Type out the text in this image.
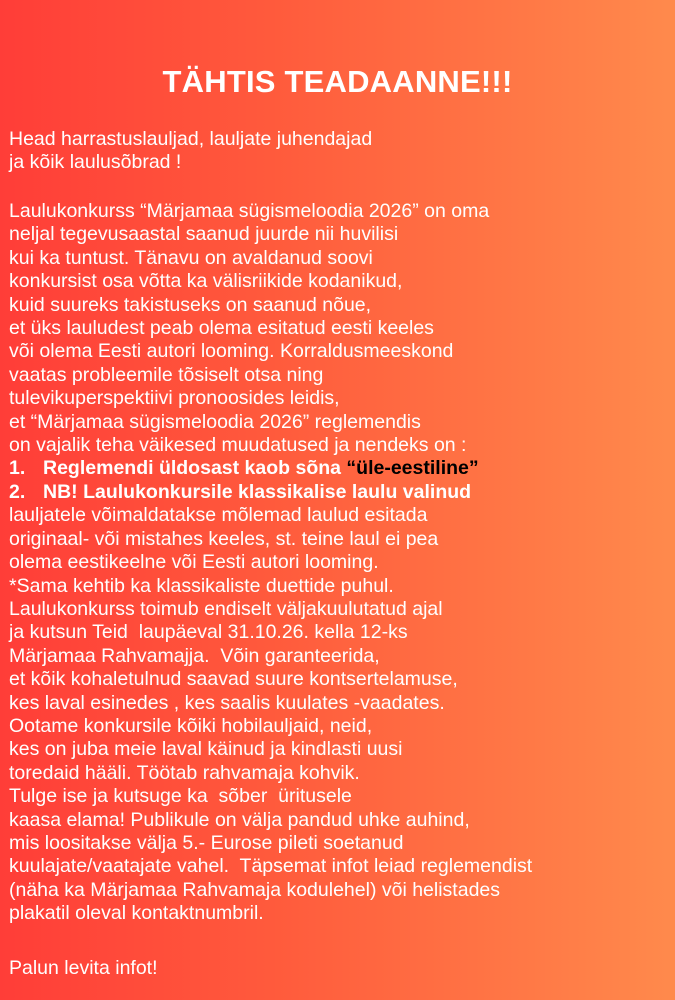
TÄHTIS TEADAANNE!!!
Head harrastuslauljad, lauljate juhendajad
ja kõik laulusõbrad !
Laulukonkurss “Märjamaa sügismeloodia 2026” on oma
neljal tegevusaastal saanud juurde nii huvilisi
kui ka tuntust. Tänavu on avaldanud soovi
konkursist osa võtta ka välisriikide kodanikud,
kuid suureks takistuseks on saanud nõue,
et üks lauludest peab olema esitatud eesti keeles
või olema Eesti autori looming. Korraldusmeeskond
vaatas probleemile tõsiselt otsa ning
tulevikuperspektiivi pronoosides leidis,
et “Märjamaa sügismeloodia 2026” reglemendis
on vajalik teha väikesed muudatused ja nendeks on :
1. Reglemendi üldosast kaob sõna “üle-eestiline”
2. NB! Laulukonkursile klassikalise laulu valinud
lauljatele võimaldatakse mõlemad laulud esitada
originaal- või mistahes keeles, st. teine laul ei pea
olema eestikeelne või Eesti autori looming.
*Sama kehtib ka klassikaliste duettide puhul.
Laulukonkurss toimub endiselt väljakuulutatud ajal
ja kutsun Teid  laupäeval 31.10.26. kella 12-ks
Märjamaa Rahvamajja.  Võin garanteerida,
et kõik kohaletulnud saavad suure kontsertelamuse,
kes laval esinedes , kes saalis kuulates -vaadates.
Ootame konkursile kõiki hobilauljaid, neid,
kes on juba meie laval käinud ja kindlasti uusi
toredaid hääli. Töötab rahvamaja kohvik.
Tulge ise ja kutsuge ka  sõber  üritusele
kaasa elama! Publikule on välja pandud uhke auhind,
mis loositakse välja 5.- Eurose pileti soetanud
kuulajate/vaatajate vahel.  Täpsemat infot leiad reglemendist
(näha ka Märjamaa Rahvamaja kodulehel) või helistades
plakatil oleval kontaktnumbril.
Palun levita infot!
